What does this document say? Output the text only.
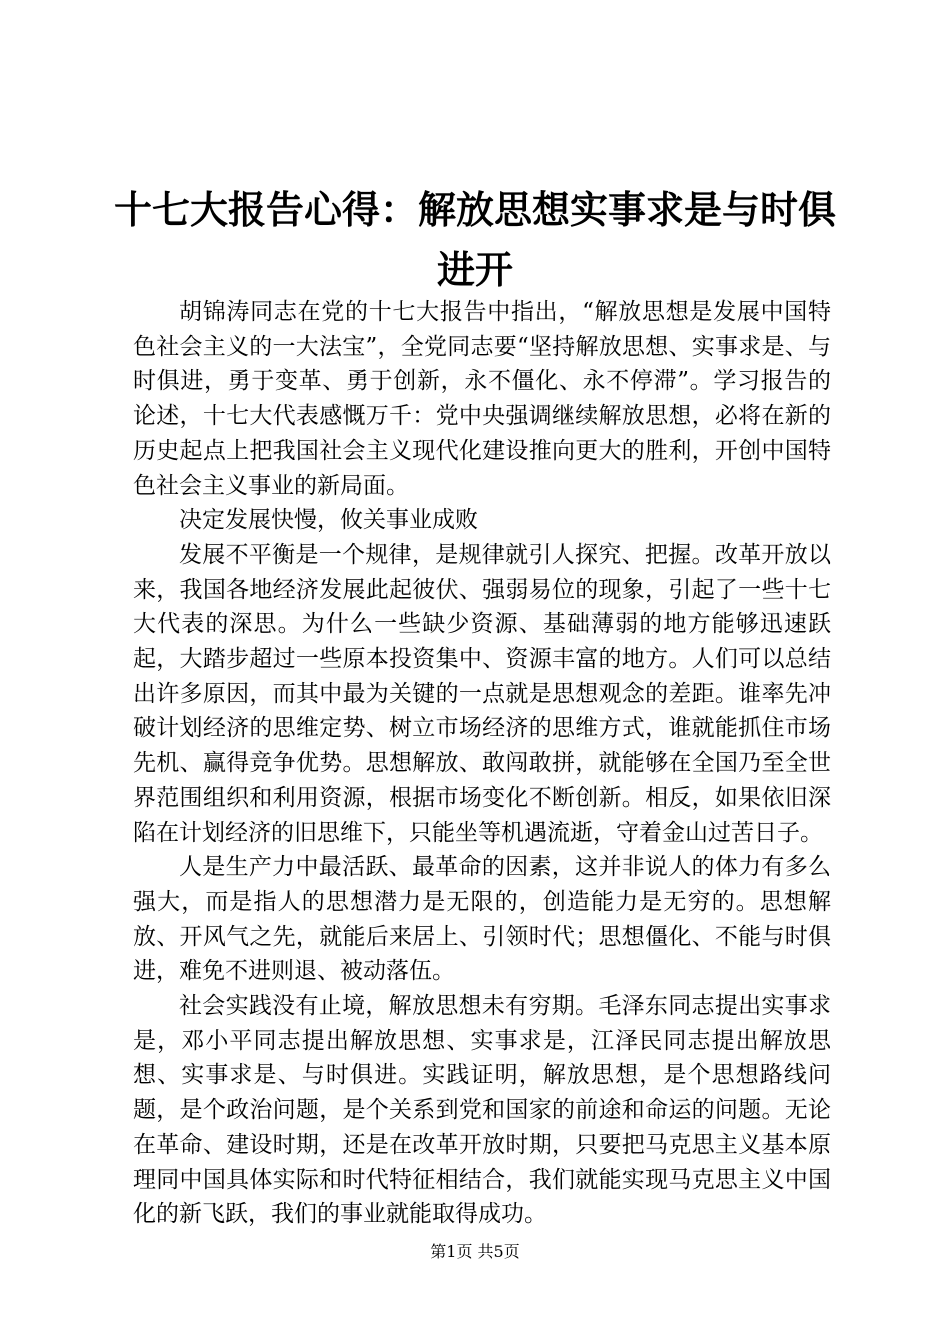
十七大报告心得：解放思想实事求是与时俱进开

胡锦涛同志在党的十七大报告中指出，“解放思想是发展中国特色社会主义的一大法宝”，全党同志要“坚持解放思想、实事求是、与时俱进，勇于变革、勇于创新，永不僵化、永不停滞”。学习报告的论述，十七大代表感慨万千：党中央强调继续解放思想，必将在新的历史起点上把我国社会主义现代化建设推向更大的胜利，开创中国特色社会主义事业的新局面。

决定发展快慢，攸关事业成败

发展不平衡是一个规律，是规律就引人探究、把握。改革开放以来，我国各地经济发展此起彼伏、强弱易位的现象，引起了一些十七大代表的深思。为什么一些缺少资源、基础薄弱的地方能够迅速跃起，大踏步超过一些原本投资集中、资源丰富的地方。人们可以总结出许多原因，而其中最为关键的一点就是思想观念的差距。谁率先冲破计划经济的思维定势、树立市场经济的思维方式，谁就能抓住市场先机、赢得竞争优势。思想解放、敢闯敢拼，就能够在全国乃至全世界范围组织和利用资源，根据市场变化不断创新。相反，如果依旧深陷在计划经济的旧思维下，只能坐等机遇流逝，守着金山过苦日子。

人是生产力中最活跃、最革命的因素，这并非说人的体力有多么强大，而是指人的思想潜力是无限的，创造能力是无穷的。思想解放、开风气之先，就能后来居上、引领时代；思想僵化、不能与时俱进，难免不进则退、被动落伍。

社会实践没有止境，解放思想未有穷期。毛泽东同志提出实事求是，邓小平同志提出解放思想、实事求是，江泽民同志提出解放思想、实事求是、与时俱进。实践证明，解放思想，是个思想路线问题，是个政治问题，是个关系到党和国家的前途和命运的问题。无论在革命、建设时期，还是在改革开放时期，只要把马克思主义基本原理同中国具体实际和时代特征相结合，我们就能实现马克思主义中国化的新飞跃，我们的事业就能取得成功。

第1页 共5页
